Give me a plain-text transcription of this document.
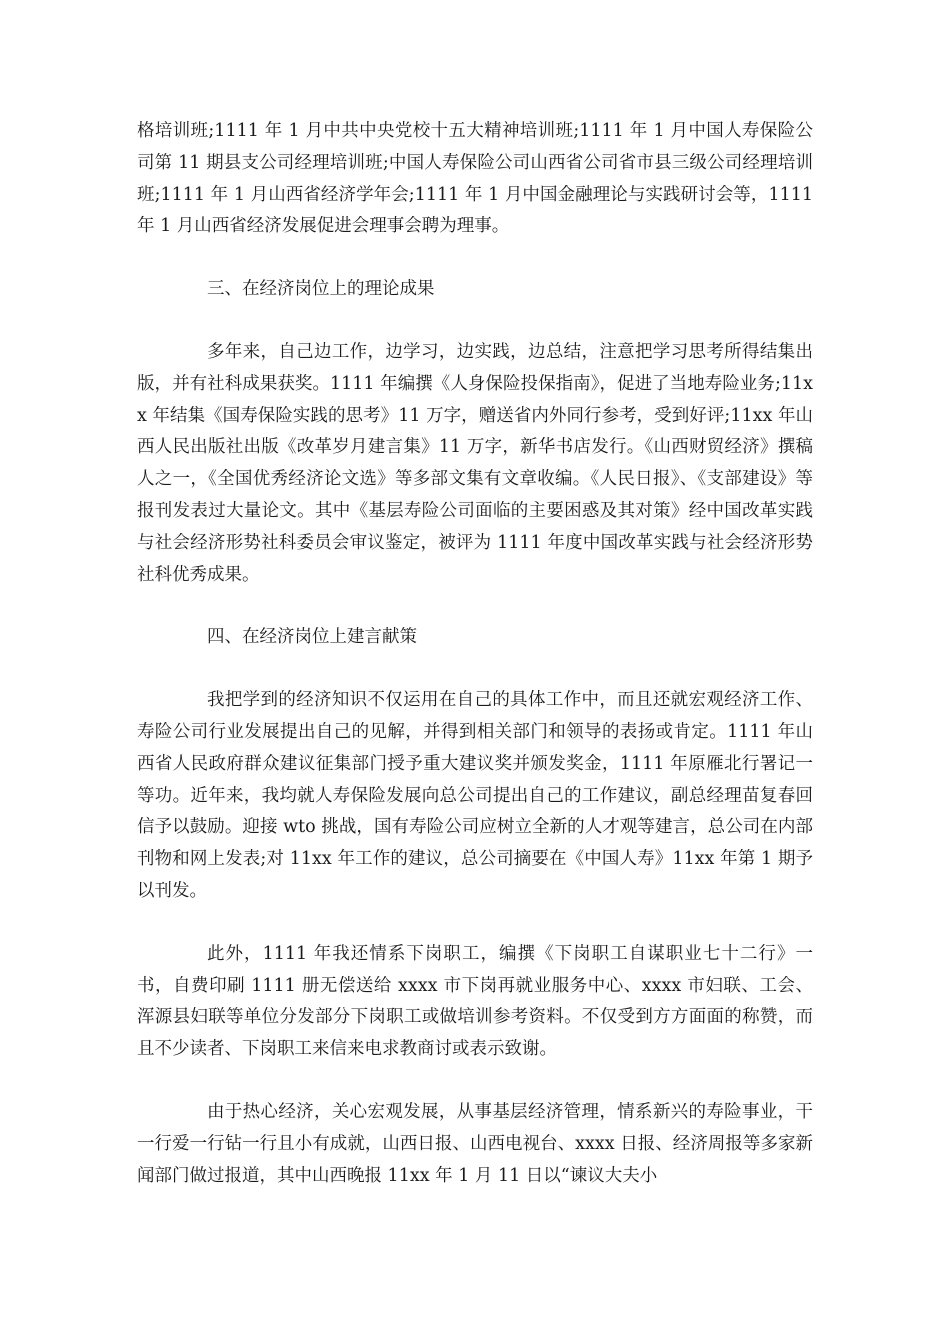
格培训班;1111 年 1 月中共中央党校十五大精神培训班;1111 年 1 月中国人寿保险公司第 11 期县支公司经理培训班;中国人寿保险公司山西省公司省市县三级公司经理培训班;1111 年 1 月山西省经济学年会;1111 年 1 月中国金融理论与实践研讨会等，1111 年 1 月山西省经济发展促进会理事会聘为理事。

三、在经济岗位上的理论成果

多年来，自己边工作，边学习，边实践，边总结，注意把学习思考所得结集出版，并有社科成果获奖。1111 年编撰《人身保险投保指南》，促进了当地寿险业务;11xx 年结集《国寿保险实践的思考》11 万字，赠送省内外同行参考，受到好评;11xx 年山西人民出版社出版《改革岁月建言集》11 万字，新华书店发行。《山西财贸经济》撰稿人之一，《全国优秀经济论文选》等多部文集有文章收编。《人民日报》、《支部建设》等报刊发表过大量论文。其中《基层寿险公司面临的主要困惑及其对策》经中国改革实践与社会经济形势社科委员会审议鉴定，被评为 1111 年度中国改革实践与社会经济形势社科优秀成果。

四、在经济岗位上建言献策

我把学到的经济知识不仅运用在自己的具体工作中，而且还就宏观经济工作、寿险公司行业发展提出自己的见解，并得到相关部门和领导的表扬或肯定。1111 年山西省人民政府群众建议征集部门授予重大建议奖并颁发奖金，1111 年原雁北行署记一等功。近年来，我均就人寿保险发展向总公司提出自己的工作建议，副总经理苗复春回信予以鼓励。迎接 wto 挑战，国有寿险公司应树立全新的人才观等建言，总公司在内部刊物和网上发表;对 11xx 年工作的建议，总公司摘要在《中国人寿》11xx 年第 1 期予以刊发。

此外，1111 年我还情系下岗职工，编撰《下岗职工自谋职业七十二行》一书，自费印刷 1111 册无偿送给 xxxx 市下岗再就业服务中心、xxxx 市妇联、工会、浑源县妇联等单位分发部分下岗职工或做培训参考资料。不仅受到方方面面的称赞，而且不少读者、下岗职工来信来电求教商讨或表示致谢。

由于热心经济，关心宏观发展，从事基层经济管理，情系新兴的寿险事业，干一行爱一行钻一行且小有成就，山西日报、山西电视台、xxxx 日报、经济周报等多家新闻部门做过报道，其中山西晚报 11xx 年 1 月 11 日以“谏议大夫小
